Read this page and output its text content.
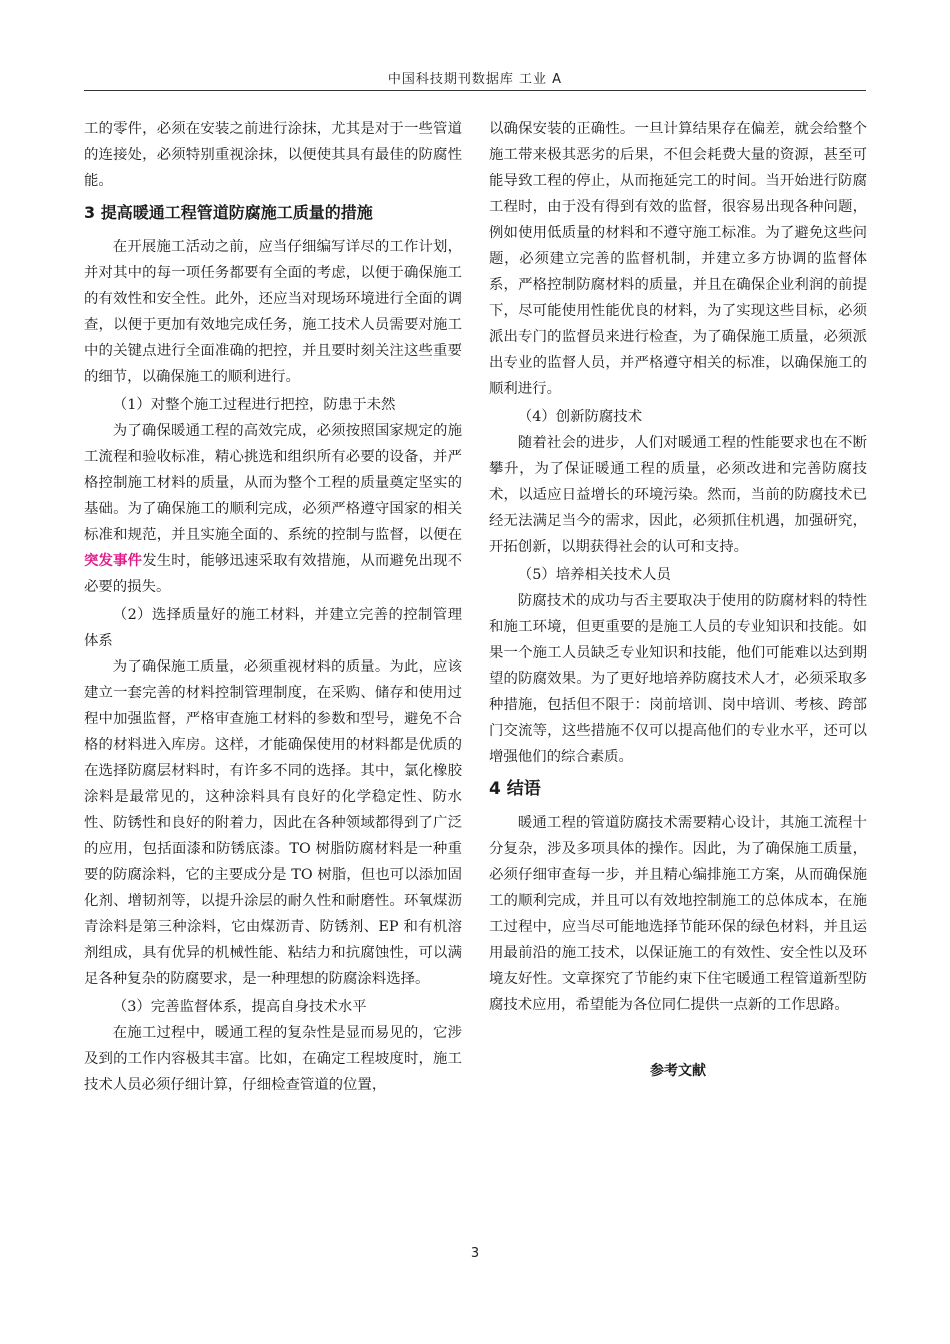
中国科技期刊数据库 工业 A

工的零件，必须在安装之前进行涂抹，尤其是对于一些管道的连接处，必须特别重视涂抹，以便使其具有最佳的防腐性能。

3 提高暖通工程管道防腐施工质量的措施

在开展施工活动之前，应当仔细编写详尽的工作计划，并对其中的每一项任务都要有全面的考虑，以便于确保施工的有效性和安全性。此外，还应当对现场环境进行全面的调查，以便于更加有效地完成任务，施工技术人员需要对施工中的关键点进行全面准确的把控，并且要时刻关注这些重要的细节，以确保施工的顺利进行。

（1）对整个施工过程进行把控，防患于未然

为了确保暖通工程的高效完成，必须按照国家规定的施工流程和验收标准，精心挑选和组织所有必要的设备，并严格控制施工材料的质量，从而为整个工程的质量奠定坚实的基础。为了确保施工的顺利完成，必须严格遵守国家的相关标准和规范，并且实施全面的、系统的控制与监督，以便在突发事件发生时，能够迅速采取有效措施，从而避免出现不必要的损失。

（2）选择质量好的施工材料，并建立完善的控制管理体系

为了确保施工质量，必须重视材料的质量。为此，应该建立一套完善的材料控制管理制度，在采购、储存和使用过程中加强监督，严格审查施工材料的参数和型号，避免不合格的材料进入库房。这样，才能确保使用的材料都是优质的在选择防腐层材料时，有许多不同的选择。其中，氯化橡胶涂料是最常见的，这种涂料具有良好的化学稳定性、防水性、防锈性和良好的附着力，因此在各种领域都得到了广泛的应用，包括面漆和防锈底漆。TO 树脂防腐材料是一种重要的防腐涂料，它的主要成分是 TO 树脂，但也可以添加固化剂、增韧剂等，以提升涂层的耐久性和耐磨性。环氧煤沥青涂料是第三种涂料，它由煤沥青、防锈剂、EP 和有机溶剂组成，具有优异的机械性能、粘结力和抗腐蚀性，可以满足各种复杂的防腐要求，是一种理想的防腐涂料选择。

（3）完善监督体系，提高自身技术水平

在施工过程中，暖通工程的复杂性是显而易见的，它涉及到的工作内容极其丰富。比如，在确定工程坡度时，施工技术人员必须仔细计算，仔细检查管道的位置，

以确保安装的正确性。一旦计算结果存在偏差，就会给整个施工带来极其恶劣的后果，不但会耗费大量的资源，甚至可能导致工程的停止，从而拖延完工的时间。当开始进行防腐工程时，由于没有得到有效的监督，很容易出现各种问题，例如使用低质量的材料和不遵守施工标准。为了避免这些问题，必须建立完善的监督机制，并建立多方协调的监督体系，严格控制防腐材料的质量，并且在确保企业利润的前提下，尽可能使用性能优良的材料，为了实现这些目标，必须派出专门的监督员来进行检查，为了确保施工质量，必须派出专业的监督人员，并严格遵守相关的标准，以确保施工的顺利进行。

（4）创新防腐技术

随着社会的进步，人们对暖通工程的性能要求也在不断攀升，为了保证暖通工程的质量，必须改进和完善防腐技术，以适应日益增长的环境污染。然而，当前的防腐技术已经无法满足当今的需求，因此，必须抓住机遇，加强研究，开拓创新，以期获得社会的认可和支持。

（5）培养相关技术人员

防腐技术的成功与否主要取决于使用的防腐材料的特性和施工环境，但更重要的是施工人员的专业知识和技能。如果一个施工人员缺乏专业知识和技能，他们可能难以达到期望的防腐效果。为了更好地培养防腐技术人才，必须采取多种措施，包括但不限于：岗前培训、岗中培训、考核、跨部门交流等，这些措施不仅可以提高他们的专业水平，还可以增强他们的综合素质。

4 结语

暖通工程的管道防腐技术需要精心设计，其施工流程十分复杂，涉及多项具体的操作。因此，为了确保施工质量，必须仔细审查每一步，并且精心编排施工方案，从而确保施工的顺利完成，并且可以有效地控制施工的总体成本，在施工过程中，应当尽可能地选择节能环保的绿色材料，并且运用最前沿的施工技术，以保证施工的有效性、安全性以及环境友好性。文章探究了节能约束下住宅暖通工程管道新型防腐技术应用，希望能为各位同仁提供一点新的工作思路。

参考文献

3
